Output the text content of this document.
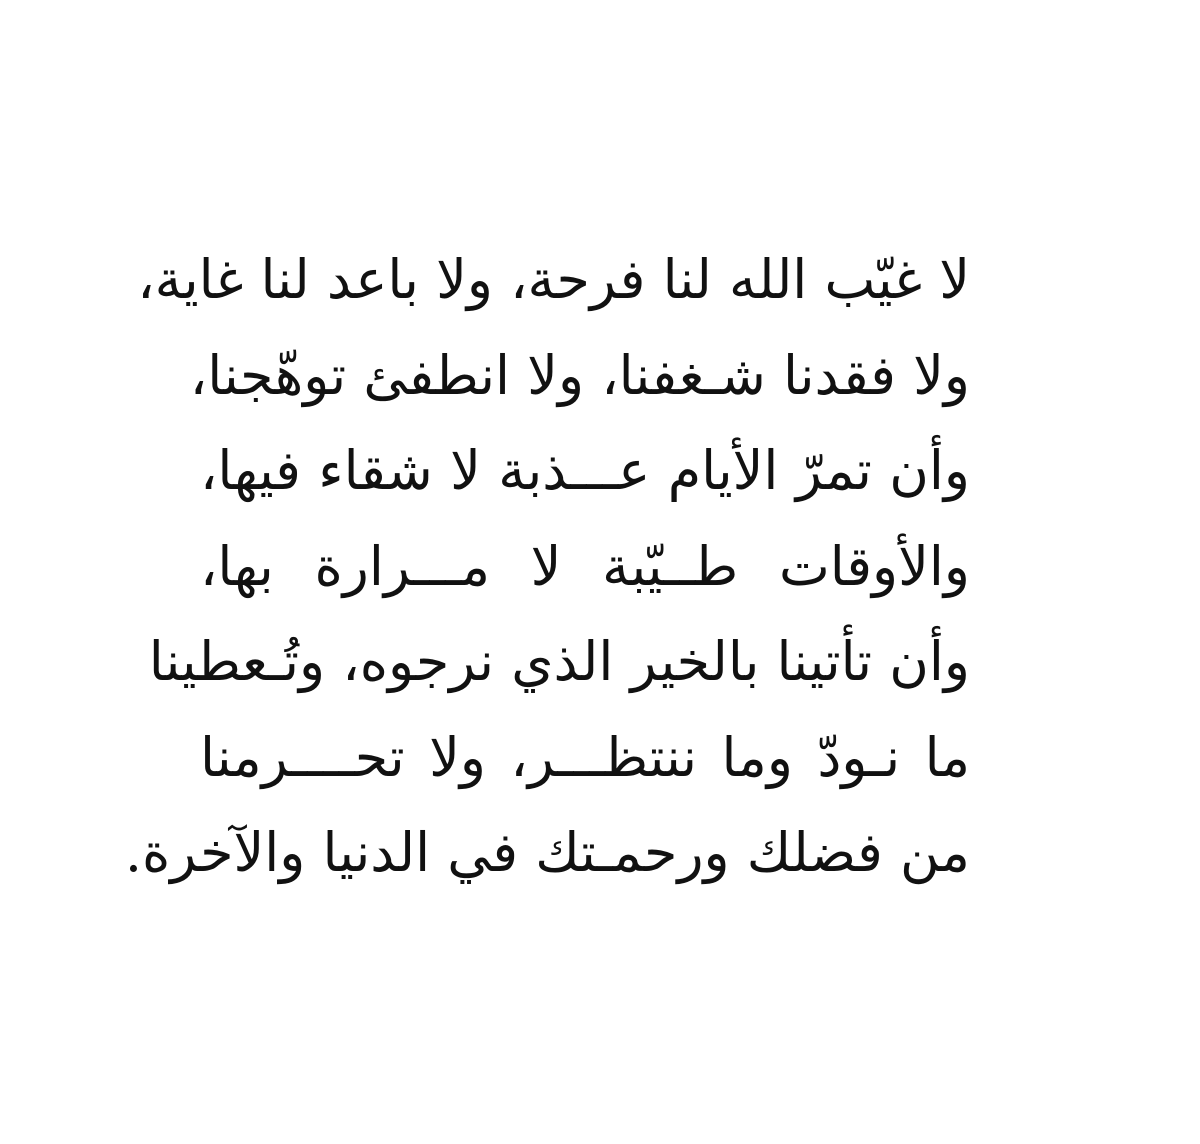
لا غيّب الله لنا فرحة، ولا باعد لنا غاية،
ولا فقدنا شـغفنا، ولا انطفئ توهّجنا،
وأن تمرّ الأيام عـــذبة لا شقاء فيها،
والأوقات طــيّبة لا مـــرارة بها،
وأن تأتينا بالخير الذي نرجوه، وتُـعطينا
ما نـودّ وما ننتظـــر، ولا تحــــرمنا
من فضلك ورحمـتك في الدنيا والآخرة.
